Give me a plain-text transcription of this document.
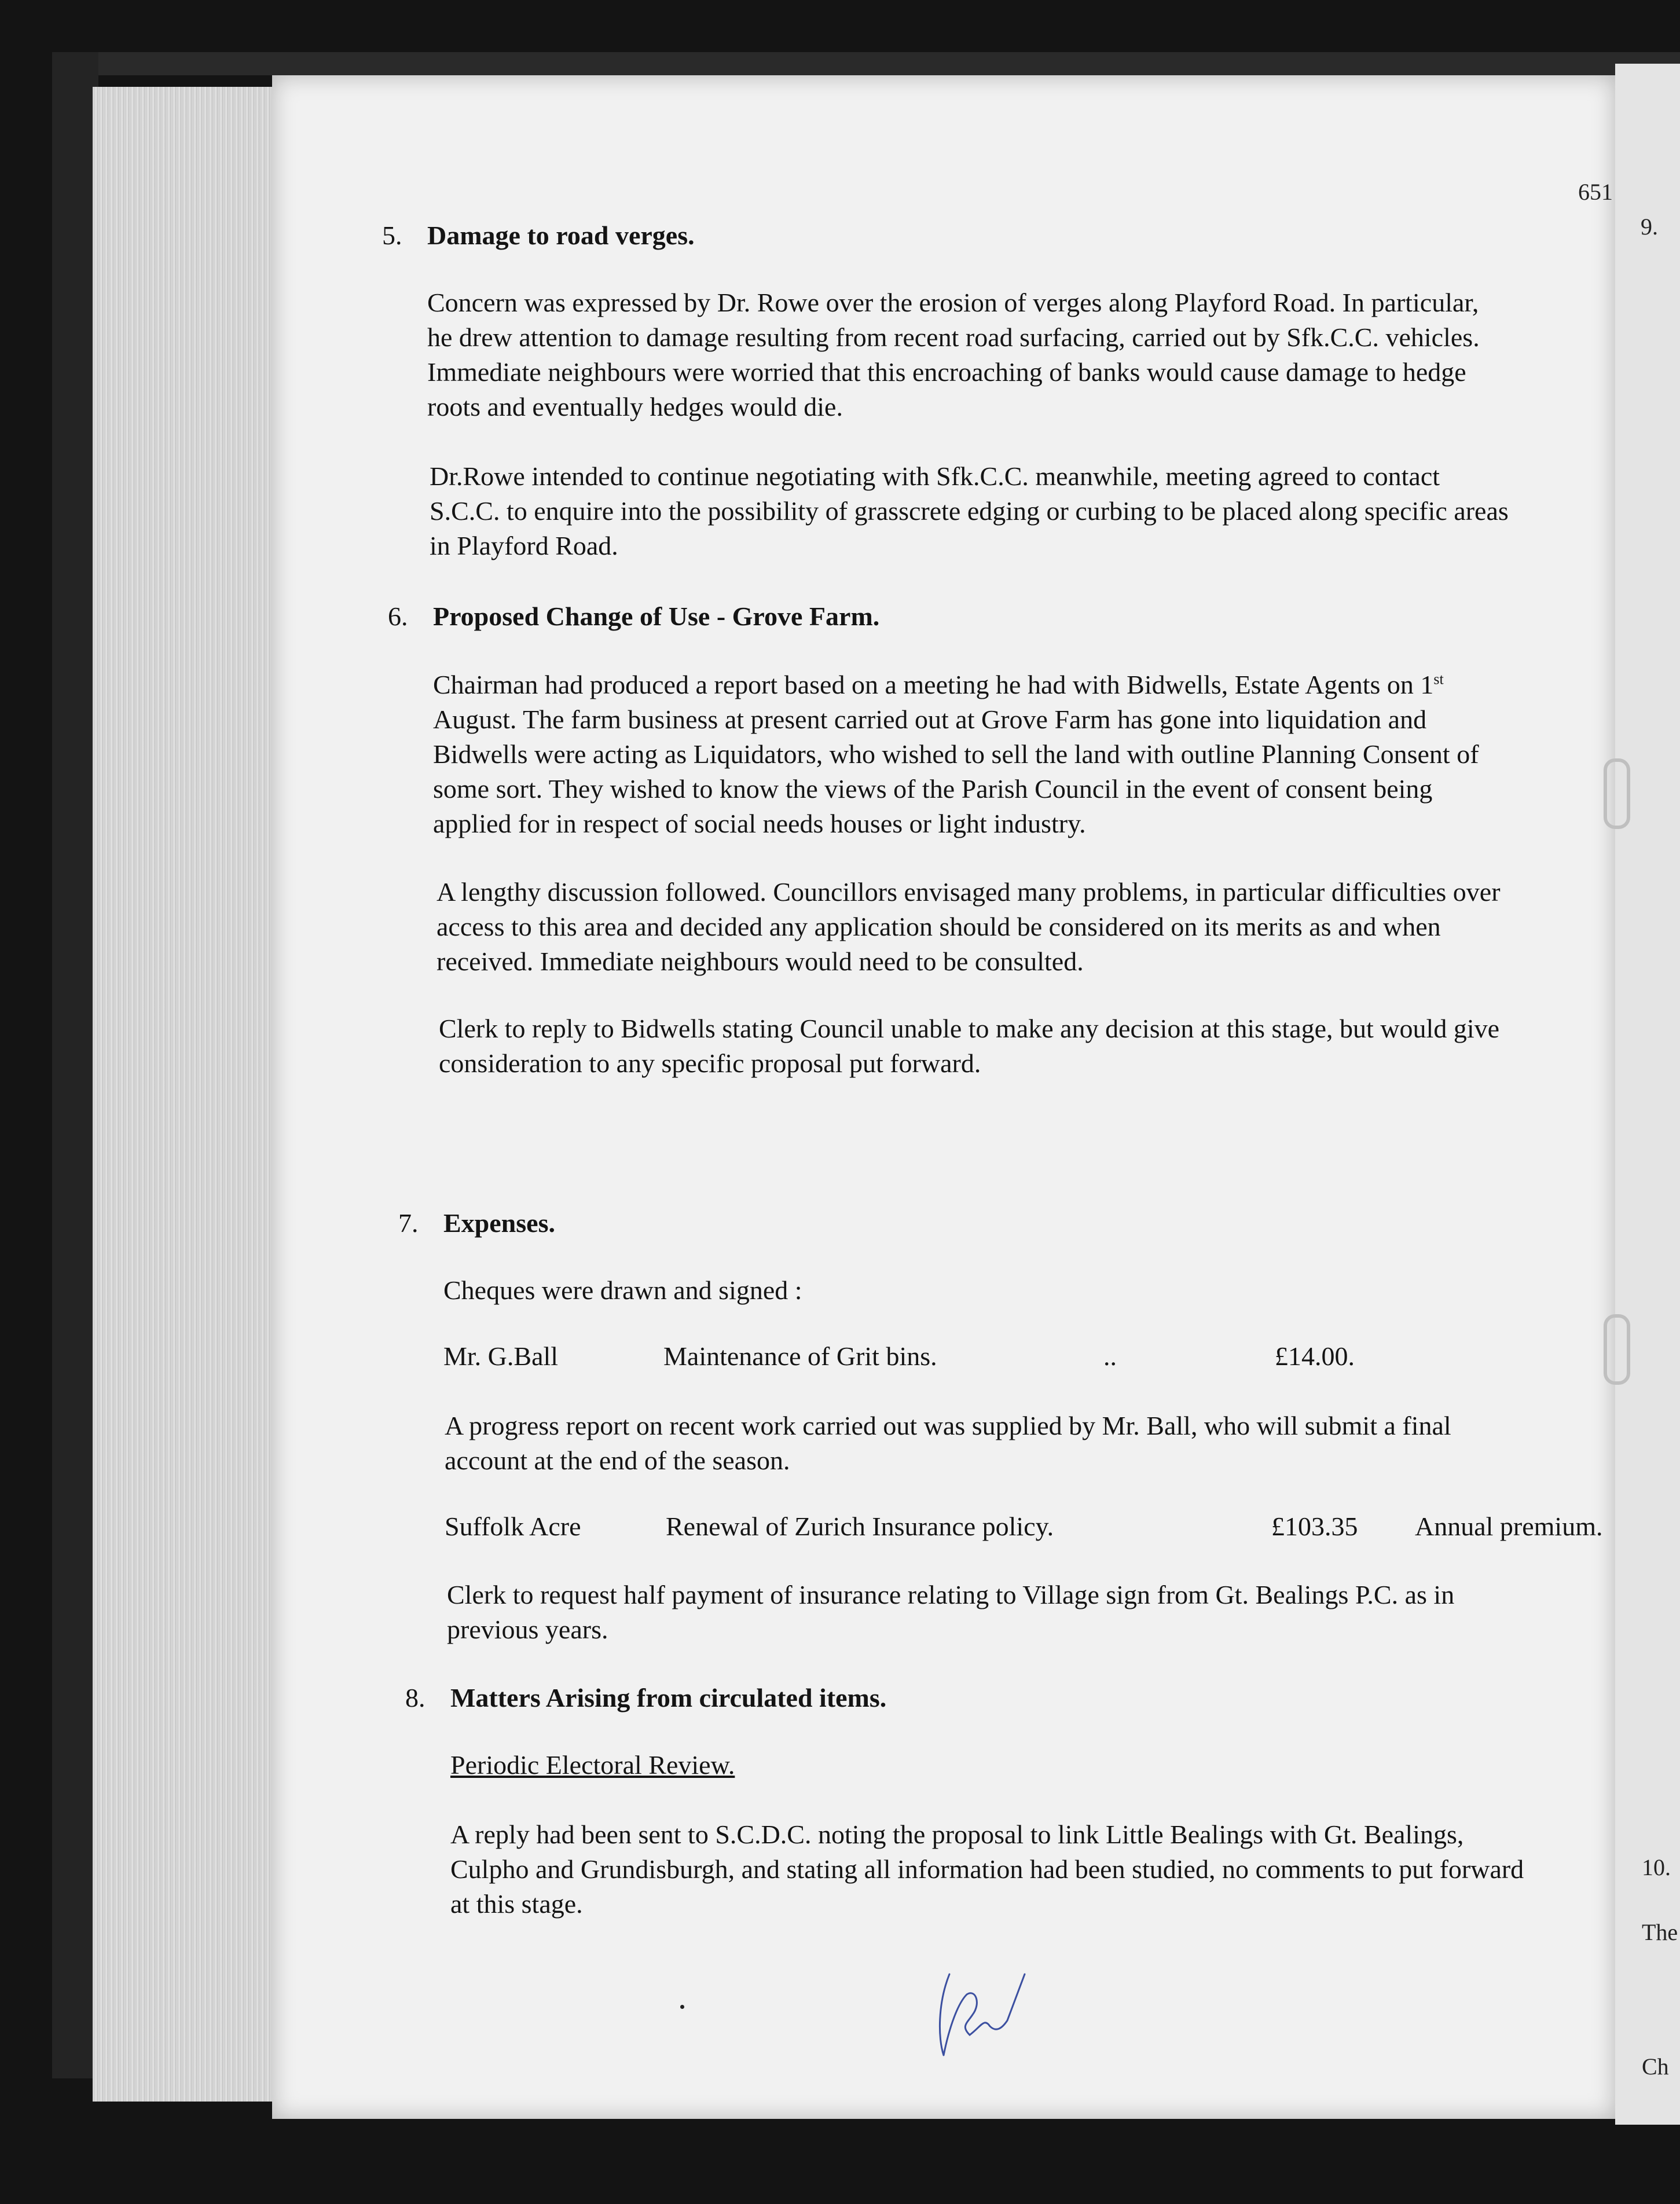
651
5. Damage to road verges.
Concern was expressed by Dr. Rowe over the erosion of verges along Playford Road. In particular,
he drew attention to damage resulting from recent road surfacing, carried out by Sfk.C.C. vehicles.
Immediate neighbours were worried that this encroaching of banks would cause damage to hedge
roots and eventually hedges would die.
Dr.Rowe intended to continue negotiating with Sfk.C.C. meanwhile, meeting agreed to contact
S.C.C. to enquire into the possibility of grasscrete edging or curbing to be placed along specific areas
in Playford Road.
6. Proposed Change of Use - Grove Farm.
Chairman had produced a report based on a meeting he had with Bidwells, Estate Agents on 1st
August. The farm business at present carried out at Grove Farm has gone into liquidation and
Bidwells were acting as Liquidators, who wished to sell the land with outline Planning Consent of
some sort. They wished to know the views of the Parish Council in the event of consent being
applied for in respect of social needs houses or light industry.
A lengthy discussion followed. Councillors envisaged many problems, in particular difficulties over
access to this area and decided any application should be considered on its merits as and when
received. Immediate neighbours would need to be consulted.
Clerk to reply to Bidwells stating Council unable to make any decision at this stage, but would give
consideration to any specific proposal put forward.
7. Expenses.
Cheques were drawn and signed :
Mr. G.Ball	Maintenance of Grit bins.	..	£14.00.
A progress report on recent work carried out was supplied by Mr. Ball, who will submit a final
account at the end of the season.
Suffolk Acre	Renewal of Zurich Insurance policy.	£103.35 Annual premium.
Clerk to request half payment of insurance relating to Village sign from Gt. Bealings P.C. as in
previous years.
8. Matters Arising from circulated items.
Periodic Electoral Review.
A reply had been sent to S.C.D.C. noting the proposal to link Little Bealings with Gt. Bealings,
Culpho and Grundisburgh, and stating all information had been studied, no comments to put forward
at this stage.
9.
10.
The
Ch
